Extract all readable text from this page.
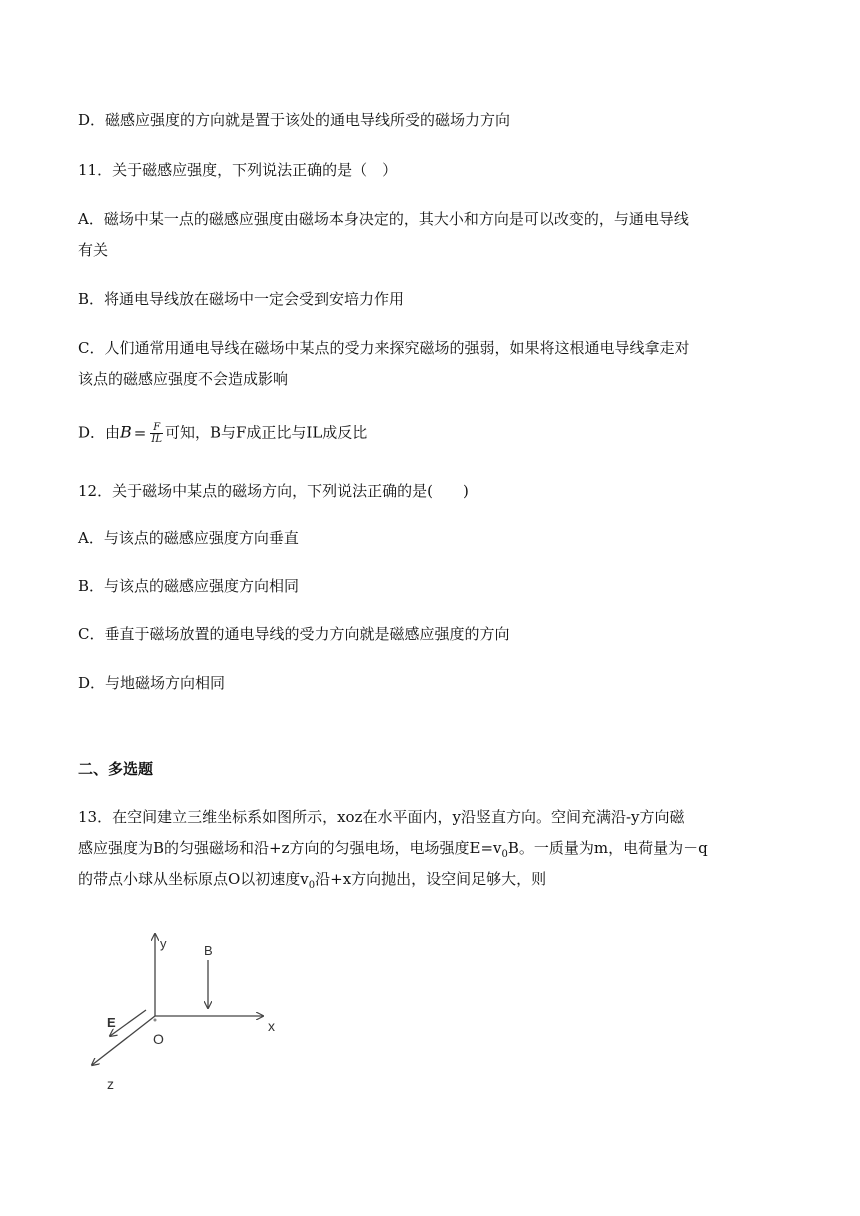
D．磁感应强度的方向就是置于该处的通电导线所受的磁场力方向
11．关于磁感应强度，下列说法正确的是（　）
A．磁场中某一点的磁感应强度由磁场本身决定的，其大小和方向是可以改变的，与通电导线
有关
B．将通电导线放在磁场中一定会受到安培力作用
C．人们通常用通电导线在磁场中某点的受力来探究磁场的强弱，如果将这根通电导线拿走对
该点的磁感应强度不会造成影响
D．由$B = \frac{F}{IL}$ 可知，B与F成正比与IL成反比
12．关于磁场中某点的磁场方向，下列说法正确的是(　　)
A．与该点的磁感应强度方向垂直
B．与该点的磁感应强度方向相同
C．垂直于磁场放置的通电导线的受力方向就是磁感应强度的方向
D．与地磁场方向相同
二、多选题
13．在空间建立三维坐标系如图所示，xoz在水平面内，y沿竖直方向。空间充满沿-y方向磁
感应强度为B的匀强磁场和沿+z方向的匀强电场，电场强度$E=v_0B$。一质量为m，电荷量为－q
的带点小球从坐标原点O以初速度$v_0$沿+x方向抛出，设空间足够大，则
y	B
E
O
x
z
